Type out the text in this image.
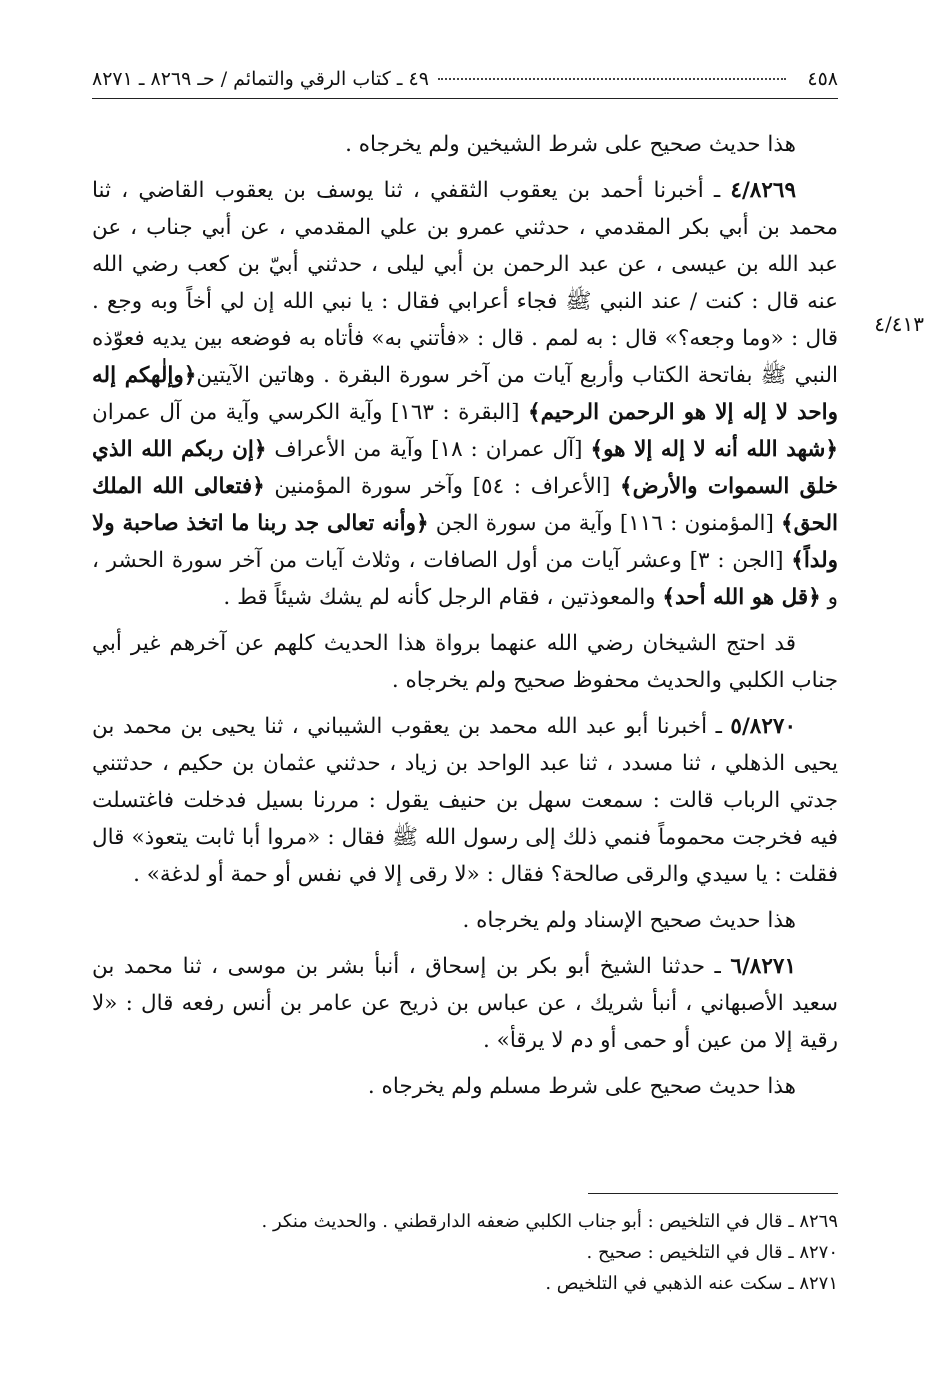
٤٥٨
٤٩ ـ كتاب الرقي والتمائم / حـ ٨٢٦٩ ـ ٨٢٧١
٤/٤١٣

هذا حديث صحيح على شرط الشيخين ولم يخرجاه .

٤/٨٢٦٩ ـ أخبرنا أحمد بن يعقوب الثقفي ، ثنا يوسف بن يعقوب القاضي ، ثنا محمد بن أبي بكر المقدمي ، حدثني عمرو بن علي المقدمي ، عن أبي جناب ، عن عبد الله بن عيسى ، عن عبد الرحمن بن أبي ليلى ، حدثني أبيّ بن كعب رضي الله عنه قال : كنت / عند النبي ﷺ فجاء أعرابي فقال : يا نبي الله إن لي أخاً وبه وجع . قال : «وما وجعه؟» قال : به لمم . قال : «فأتني به» فأتاه به فوضعه بين يديه فعوّذه النبي ﷺ بفاتحة الكتاب وأربع آيات من آخر سورة البقرة . وهاتين الآيتين﴿وإلٰهكم إله واحد لا إله إلا هو الرحمن الرحيم﴾ [البقرة : ١٦٣] وآية الكرسي وآية من آل عمران ﴿شهد الله أنه لا إله إلا هو﴾ [آل عمران : ١٨] وآية من الأعراف ﴿إن ربكم الله الذي خلق السموات والأرض﴾ [الأعراف : ٥٤] وآخر سورة المؤمنين ﴿فتعالى الله الملك الحق﴾ [المؤمنون : ١١٦] وآية من سورة الجن ﴿وأنه تعالى جد ربنا ما اتخذ صاحبة ولا ولداً﴾ [الجن : ٣] وعشر آيات من أول الصافات ، وثلاث آيات من آخر سورة الحشر ، و ﴿قل هو الله أحد﴾ والمعوذتين ، فقام الرجل كأنه لم يشك شيئاً قط .

قد احتج الشيخان رضي الله عنهما برواة هذا الحديث كلهم عن آخرهم غير أبي جناب الكلبي والحديث محفوظ صحيح ولم يخرجاه .

٥/٨٢٧٠ ـ أخبرنا أبو عبد الله محمد بن يعقوب الشيباني ، ثنا يحيى بن محمد بن يحيى الذهلي ، ثنا مسدد ، ثنا عبد الواحد بن زياد ، حدثني عثمان بن حكيم ، حدثتني جدتي الرباب قالت : سمعت سهل بن حنيف يقول : مررنا بسيل فدخلت فاغتسلت فيه فخرجت محموماً فنمي ذلك إلى رسول الله ﷺ فقال : «مروا أبا ثابت يتعوذ» قال فقلت : يا سيدي والرقى صالحة؟ فقال : «لا رقى إلا في نفس أو حمة أو لدغة» .

هذا حديث صحيح الإسناد ولم يخرجاه .

٦/٨٢٧١ ـ حدثنا الشيخ أبو بكر بن إسحاق ، أنبأ بشر بن موسى ، ثنا محمد بن سعيد الأصبهاني ، أنبأ شريك ، عن عباس بن ذريح عن عامر بن أنس رفعه قال : «لا رقية إلا من عين أو حمى أو دم لا يرقأ» .

هذا حديث صحيح على شرط مسلم ولم يخرجاه .

٨٢٦٩ ـ قال في التلخيص : أبو جناب الكلبي ضعفه الدارقطني . والحديث منكر .
٨٢٧٠ ـ قال في التلخيص : صحيح .
٨٢٧١ ـ سكت عنه الذهبي في التلخيص .
